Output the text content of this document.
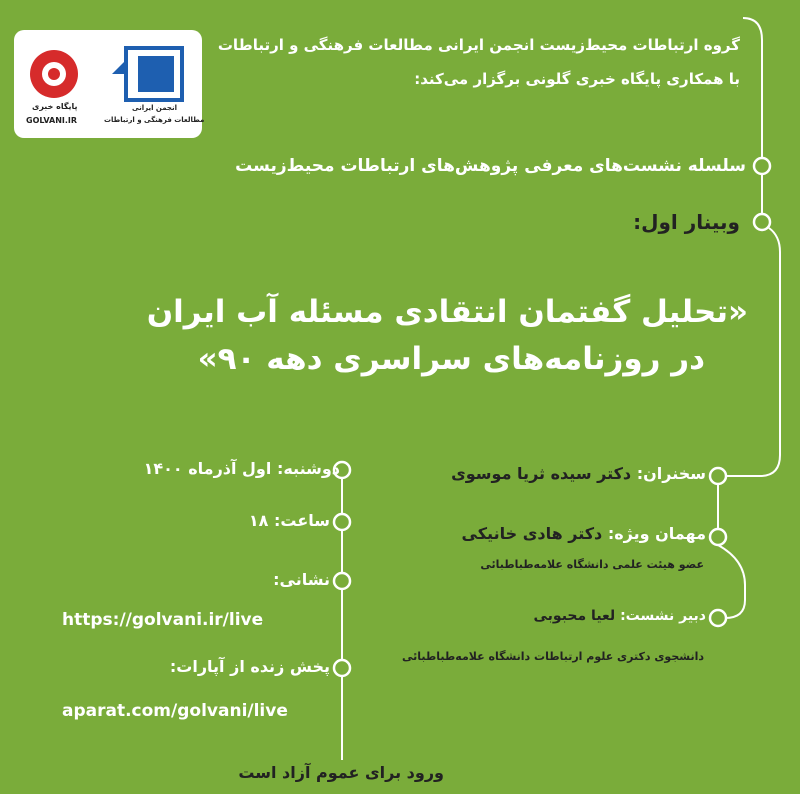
پایگاه خبری
GOLVANI.IR
انجمن ایرانی
مطالعات فرهنگی و ارتباطات
گروه ارتباطات محیط‌زیست انجمن ایرانی مطالعات فرهنگی و ارتباطات
با همکاری پایگاه خبری گلونی برگزار می‌کند:
سلسله نشست‌های معرفی پژوهش‌های ارتباطات محیط‌زیست
وبینار اول:
«تحلیل گفتمان انتقادی مسئله آب ایران
در روزنامه‌های سراسری دهه ۹۰»
سخنران: دکتر سیده ثریا موسوی
مهمان ویژه: دکتر هادی خانیکی
عضو هیئت علمی دانشگاه علامه‌طباطبائی
دبیر نشست: لعیا محبوبی
دانشجوی دکتری علوم ارتباطات دانشگاه علامه‌طباطبائی
دوشنبه: اول آذرماه ۱۴۰۰
ساعت: ۱۸
نشانی:
https://golvani.ir/live
پخش زنده از آپارات:
aparat.com/golvani/live
ورود برای عموم آزاد است
